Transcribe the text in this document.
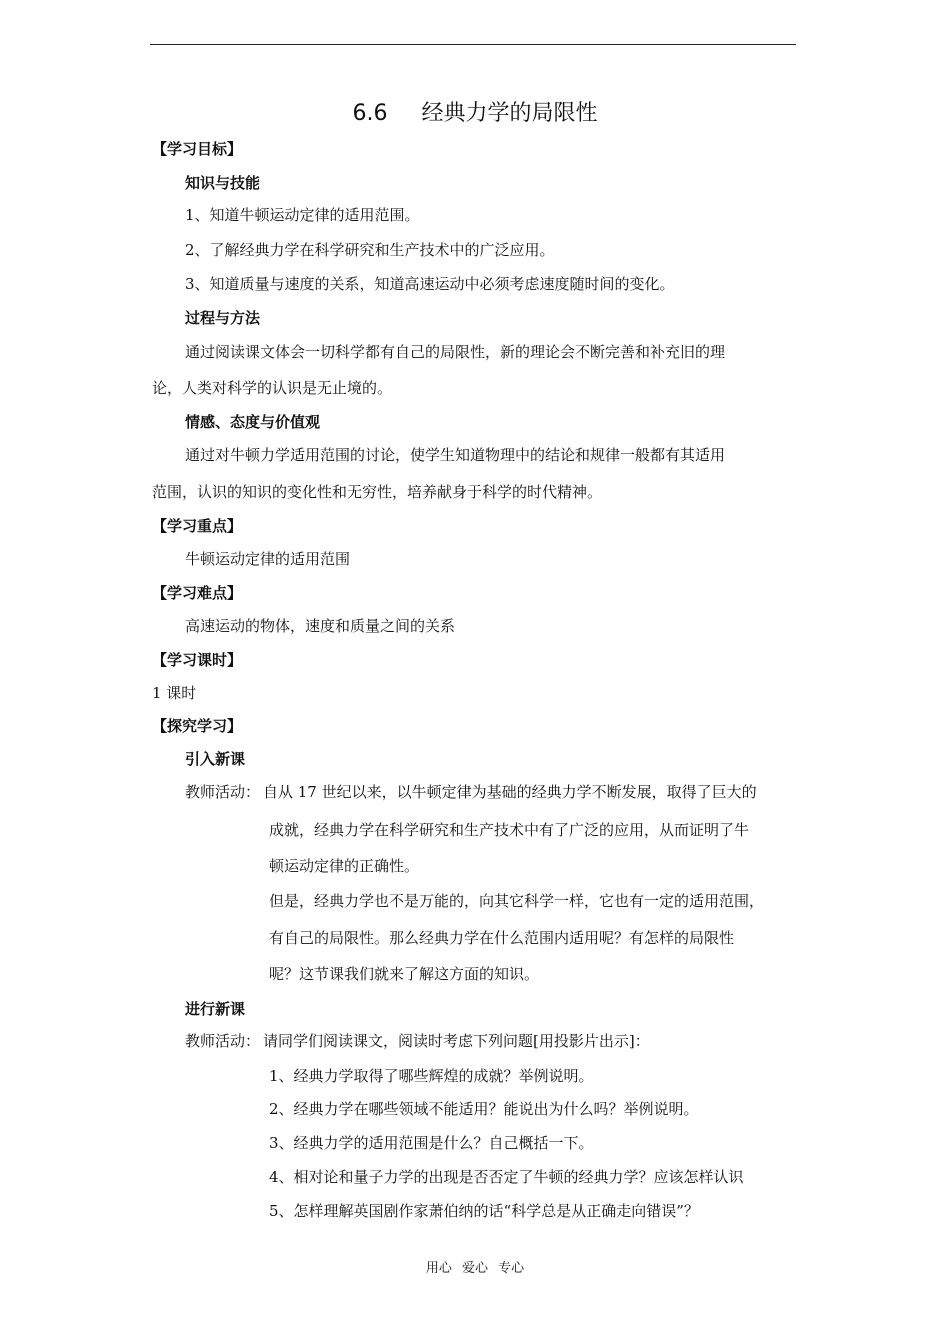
6.6 经典力学的局限性
【学习目标】
知识与技能
1、知道牛顿运动定律的适用范围。
2、了解经典力学在科学研究和生产技术中的广泛应用。
3、知道质量与速度的关系，知道高速运动中必须考虑速度随时间的变化。
过程与方法
通过阅读课文体会一切科学都有自己的局限性，新的理论会不断完善和补充旧的理
论，人类对科学的认识是无止境的。
情感、态度与价值观
通过对牛顿力学适用范围的讨论，使学生知道物理中的结论和规律一般都有其适用
范围，认识的知识的变化性和无穷性，培养献身于科学的时代精神。
【学习重点】
牛顿运动定律的适用范围
【学习难点】
高速运动的物体，速度和质量之间的关系
【学习课时】
1 课时
【探究学习】
引入新课
教师活动： 自从 17 世纪以来，以牛顿定律为基础的经典力学不断发展，取得了巨大的
成就，经典力学在科学研究和生产技术中有了广泛的应用，从而证明了牛
顿运动定律的正确性。
但是，经典力学也不是万能的，向其它科学一样，它也有一定的适用范围，
有自己的局限性。那么经典力学在什么范围内适用呢？有怎样的局限性
呢？这节课我们就来了解这方面的知识。
进行新课
教师活动： 请同学们阅读课文，阅读时考虑下列问题[用投影片出示]：
1、经典力学取得了哪些辉煌的成就？举例说明。
2、经典力学在哪些领域不能适用？能说出为什么吗？举例说明。
3、经典力学的适用范围是什么？自己概括一下。
4、相对论和量子力学的出现是否否定了牛顿的经典力学？应该怎样认识
5、怎样理解英国剧作家萧伯纳的话“科学总是从正确走向错误”？
用心 爱心 专心
